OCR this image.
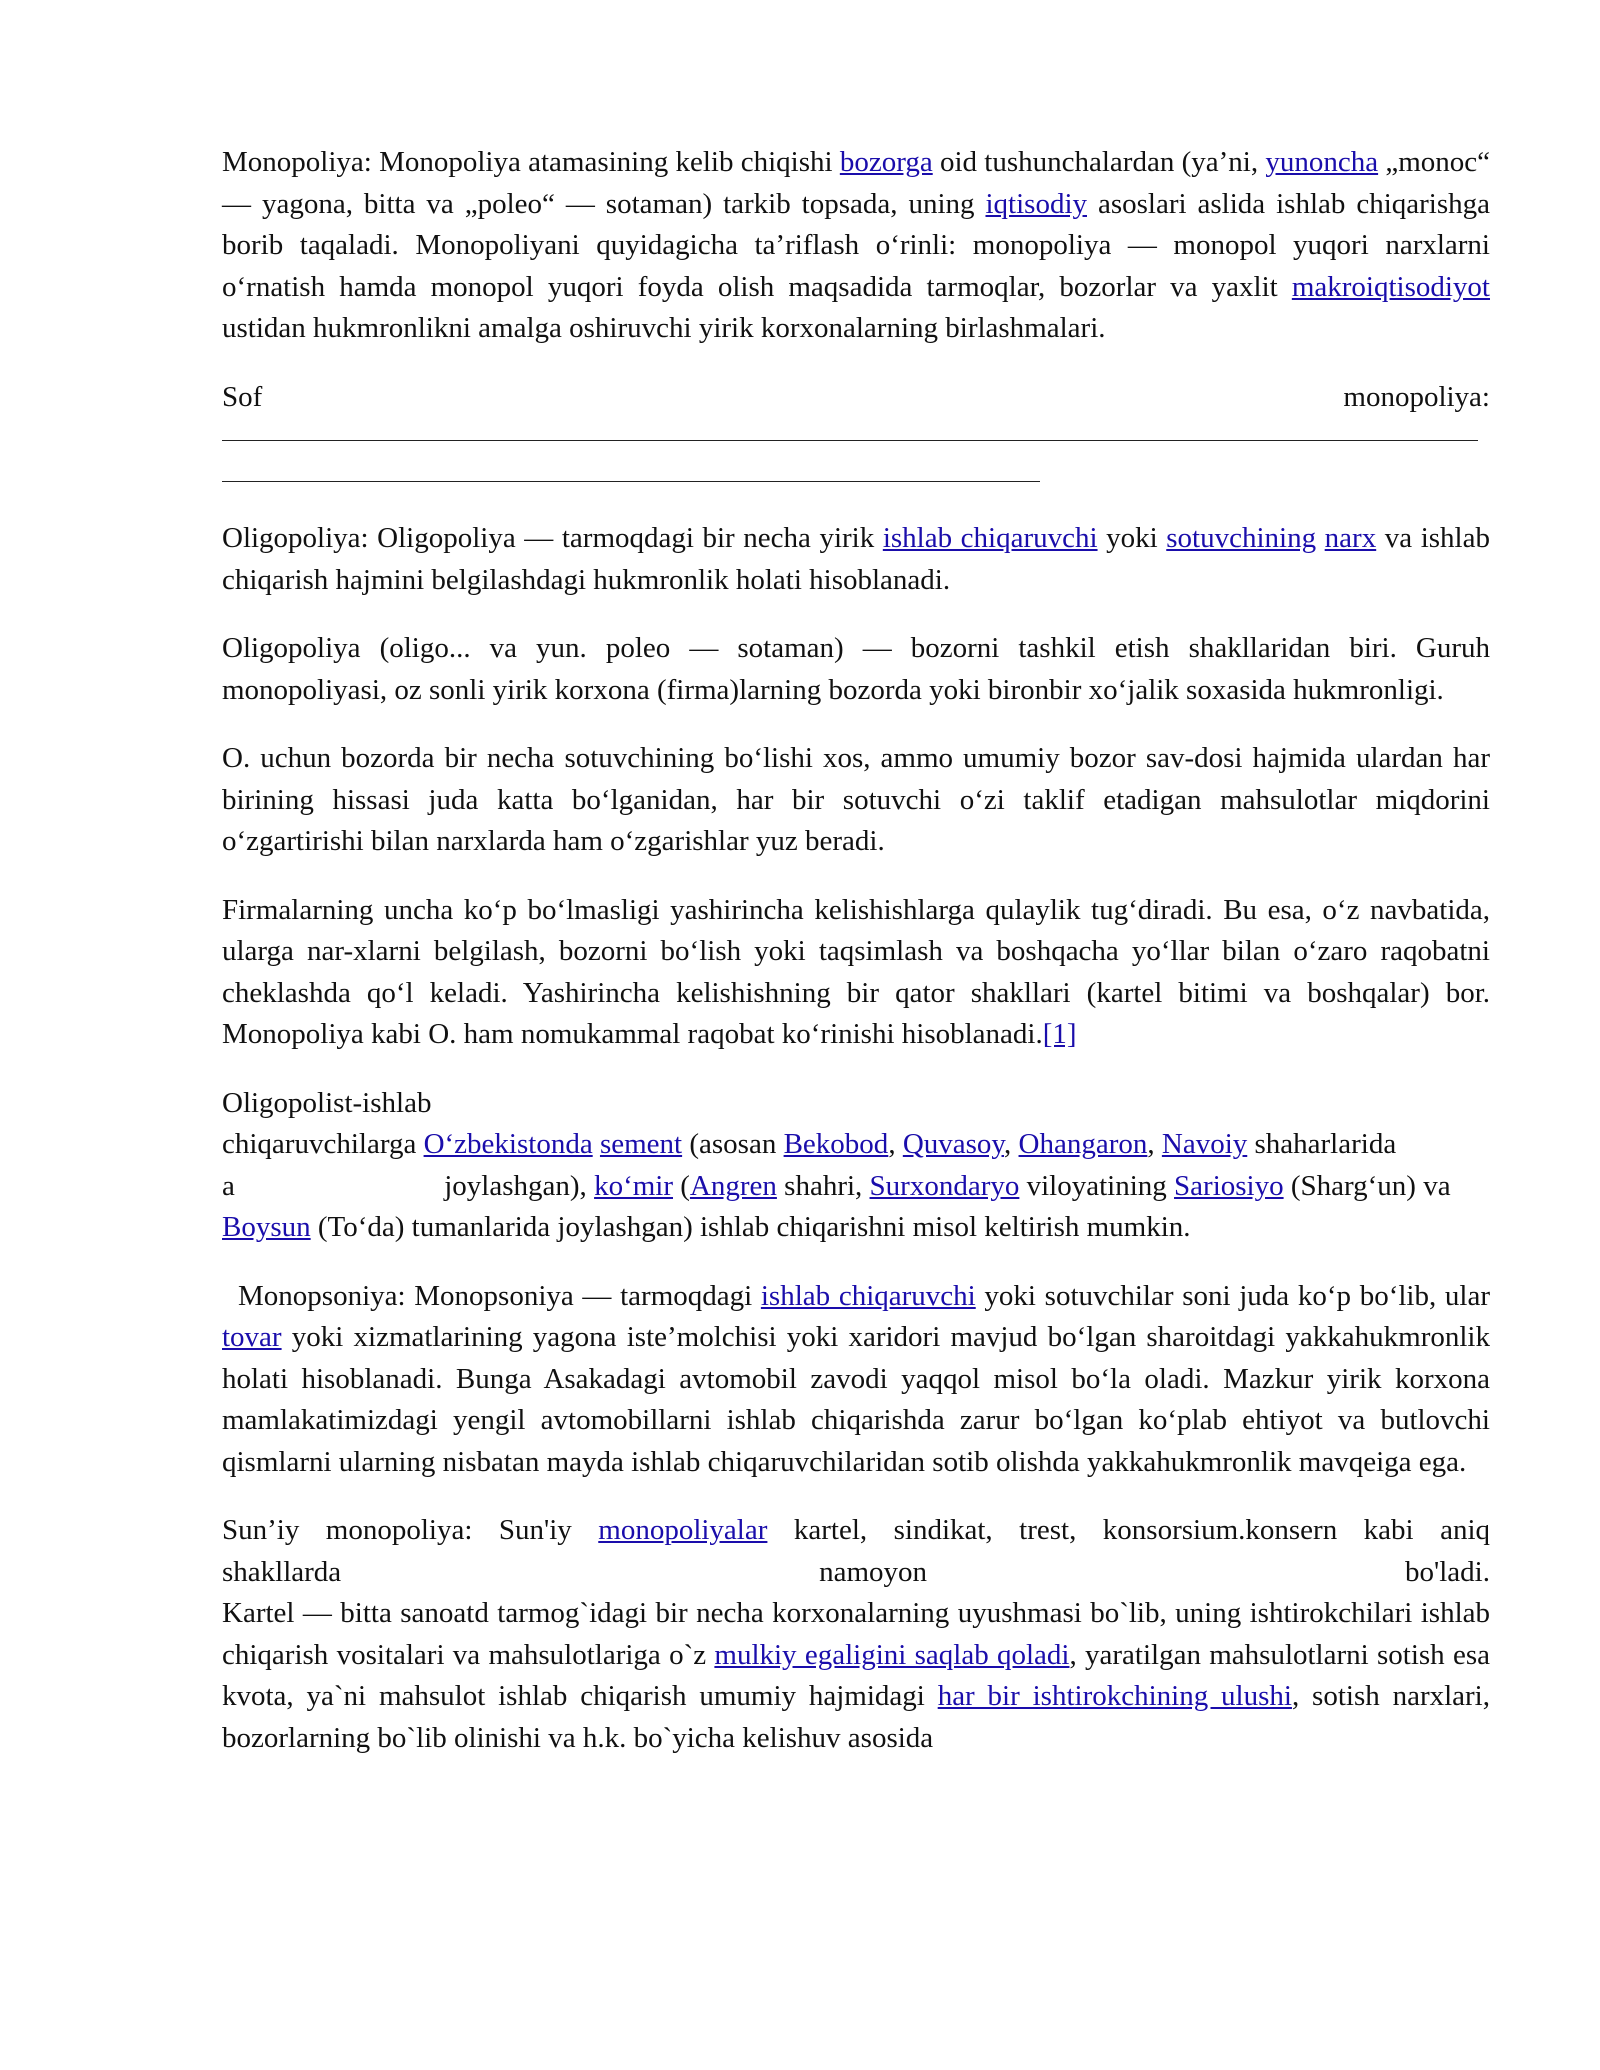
Monopoliya: Monopoliya atamasining kelib chiqishi bozorga oid tushunchalardan (ya’ni, yunoncha „monoc“ — yagona, bitta va „poleo“ — sotaman) tarkib topsada, uning iqtisodiy asoslari aslida ishlab chiqarishga borib taqaladi. Monopoliyani quyidagicha ta’riflash oʻrinli: monopoliya — monopol yuqori narxlarni oʻrnatish hamda monopol yuqori foyda olish maqsadida tarmoqlar, bozorlar va yaxlit makroiqtisodiyot ustidan hukmronlikni amalga oshiruvchi yirik korxonalarning birlashmalari.

Sof	monopoliya:

Oligopoliya: Oligopoliya — tarmoqdagi bir necha yirik ishlab chiqaruvchi yoki sotuvchining narx va ishlab chiqarish hajmini belgilashdagi hukmronlik holati hisoblanadi.

Oligopoliya (oligo... va yun. poleo — sotaman) — bozorni tashkil etish shakllaridan biri. Guruh monopoliyasi, oz sonli yirik korxona (firma)larning bozorda yoki bironbir xoʻjalik soxasida hukmronligi.

O. uchun bozorda bir necha sotuvchining boʻlishi xos, ammo umumiy bozor sav-dosi hajmida ulardan har birining hissasi juda katta boʻlganidan, har bir sotuvchi oʻzi taklif etadigan mahsulotlar miqdorini oʻzgartirishi bilan narxlarda ham oʻzgarishlar yuz beradi.

Firmalarning uncha koʻp boʻlmasligi yashirincha kelishishlarga qulaylik tugʻdiradi. Bu esa, oʻz navbatida, ularga nar-xlarni belgilash, bozorni boʻlish yoki taqsimlash va boshqacha yoʻllar bilan oʻzaro raqobatni cheklashda qoʻl keladi. Yashirincha kelishishning bir qator shakllari (kartel bitimi va boshqalar) bor. Monopoliya kabi O. ham nomukammal raqobat koʻrinishi hisoblanadi.[1]

Oligopolist-ishlab
chiqaruvchilarga Oʻzbekistonda sement (asosan Bekobod, Quvasoy, Ohangaron, Navoiy shaharlarida
a	joylashgan), koʻmir (Angren shahri, Surxondaryo viloyatining Sariosiyo (Shargʻun) va Boysun (Toʻda) tumanlarida joylashgan) ishlab chiqarishni misol keltirish mumkin.

Monopsoniya: Monopsoniya — tarmoqdagi ishlab chiqaruvchi yoki sotuvchilar soni juda koʻp boʻlib, ular tovar yoki xizmatlarining yagona isteʼmolchisi yoki xaridori mavjud boʻlgan sharoitdagi yakkahukmronlik holati hisoblanadi. Bunga Asakadagi avtomobil zavodi yaqqol misol boʻla oladi. Mazkur yirik korxona mamlakatimizdagi yengil avtomobillarni ishlab chiqarishda zarur boʻlgan koʻplab ehtiyot va butlovchi qismlarni ularning nisbatan mayda ishlab chiqaruvchilaridan sotib olishda yakkahukmronlik mavqeiga ega.

Sun’iy monopoliya: Sun'iy monopoliyalar kartel, sindikat, trest, konsorsium.konsern kabi aniq

shakllarda	namoyon	bo'ladi.

Kartel — bitta sanoatd tarmog`idagi bir necha korxonalarning uyushmasi bo`lib, uning ishtirokchilari ishlab chiqarish vositalari va mahsulotlariga o`z mulkiy egaligini saqlab qoladi, yaratilgan mahsulotlarni sotish esa kvota, ya`ni mahsulot ishlab chiqarish umumiy hajmidagi har bir ishtirokchining ulushi, sotish narxlari, bozorlarning bo`lib olinishi va h.k. bo`yicha kelishuv asosida
